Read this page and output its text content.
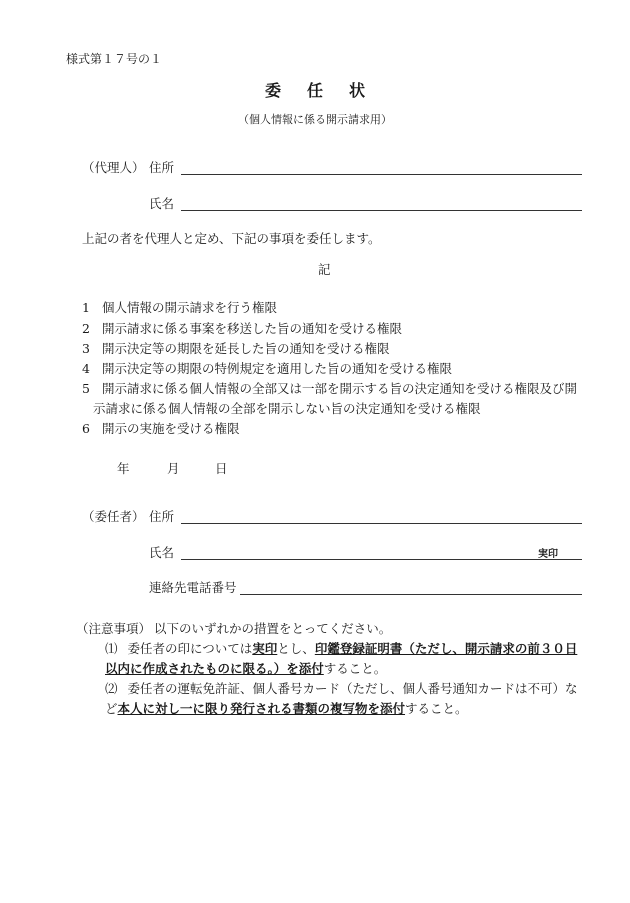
様式第１７号の１
委任状
（個人情報に係る開示請求用）
（代理人） 住所
氏名
上記の者を代理人と定め、下記の事項を委任します。
記
1 個人情報の開示請求を行う権限
2 開示請求に係る事案を移送した旨の通知を受ける権限
3 開示決定等の期限を延長した旨の通知を受ける権限
4 開示決定等の期限の特例規定を適用した旨の通知を受ける権限
5 開示請求に係る個人情報の全部又は一部を開示する旨の決定通知を受ける権限及び開
示請求に係る個人情報の全部を開示しない旨の決定通知を受ける権限
6 開示の実施を受ける権限
年	月	日
（委任者） 住所
氏名	実印
連絡先電話番号
（注意事項） 以下のいずれかの措置をとってください。
⑴ 委任者の印については実印とし、印鑑登録証明書（ただし、開示請求の前３０日
以内に作成されたものに限る。）を添付すること。
⑵ 委任者の運転免許証、個人番号カード（ただし、個人番号通知カードは不可）な
ど本人に対し一に限り発行される書類の複写物を添付すること。
